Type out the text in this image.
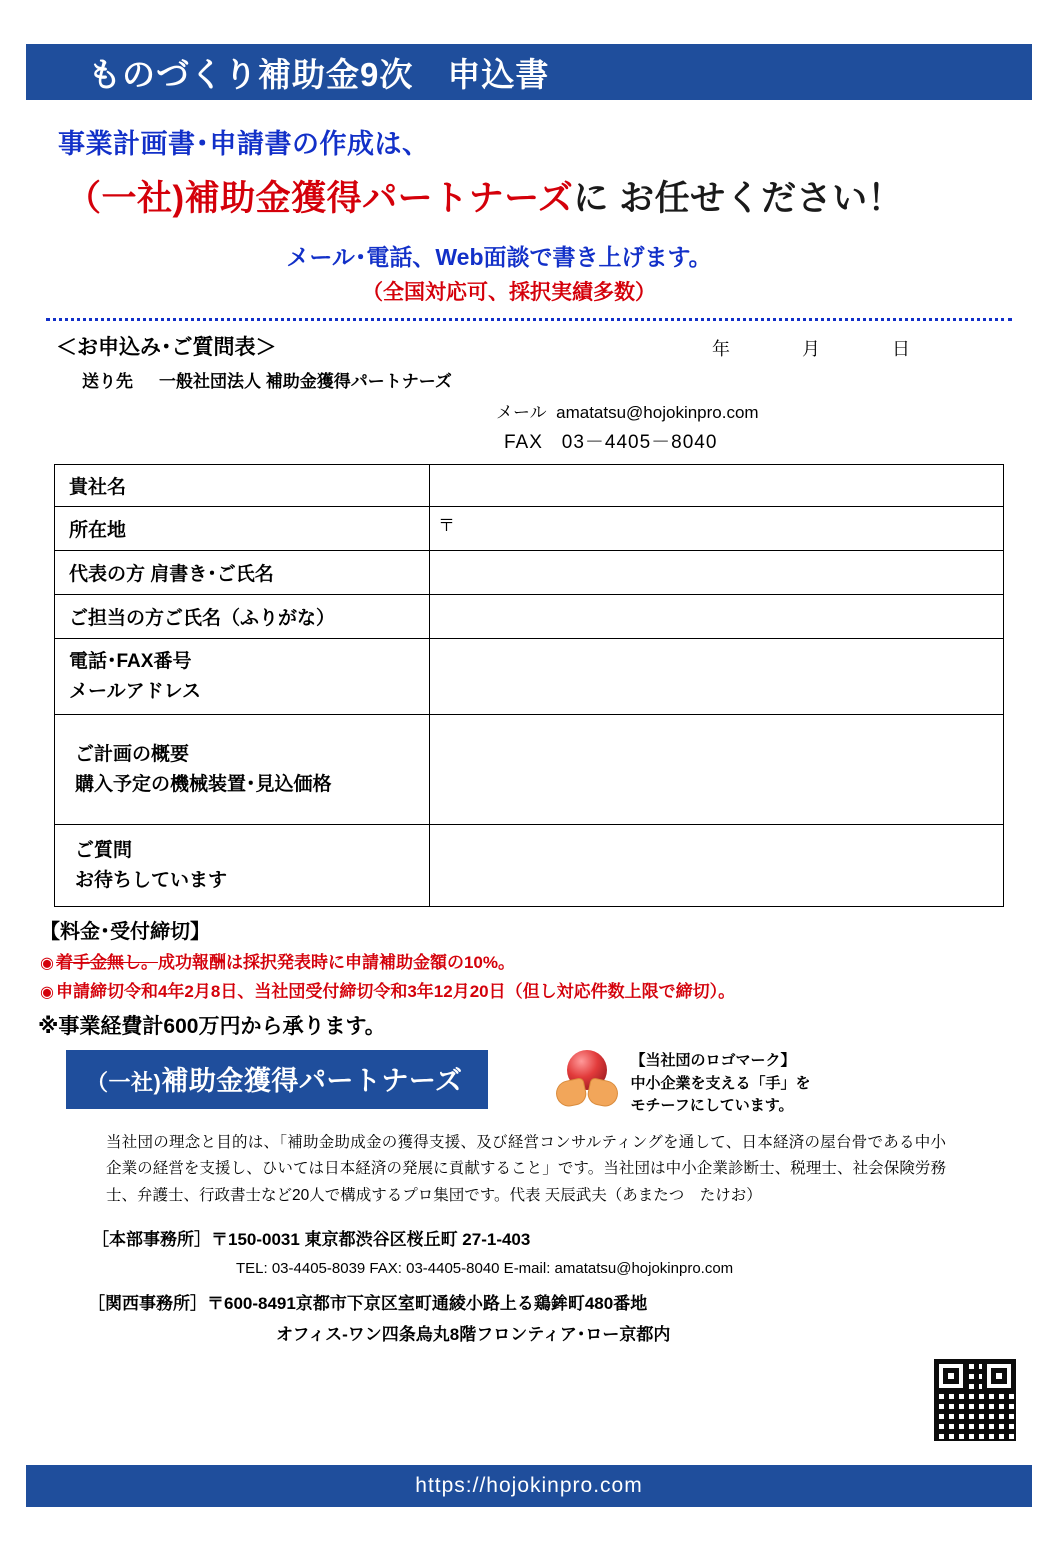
ものづくり補助金9次　申込書
事業計画書･申請書の作成は、
（一社)補助金獲得パートナーズに お任せください！
メール･電話、Web面談で書き上げます。
（全国対応可、採択実績多数）
＜お申込み･ご質問表＞	年　　月　　日
送り先 一般社団法人 補助金獲得パートナーズ
メール amatatsu@hojokinpro.com
FAX 03－4405－8040
貴社名	
所在地	〒

代表の方 肩書き･ご氏名	
ご担当の方ご氏名（ふりがな）	

電話･FAX番号
メールアドレス	

ご計画の概要
購入予定の機械装置･見込価格	

ご質問
お待ちしています	

【料金･受付締切】
◉ 着手金無し。 成功報酬は採択発表時に申請補助金額の10%。
◉ 申請締切令和4年2月8日、当社団受付締切令和3年12月20日（但し対応件数上限で締切）。
※事業経費計600万円から承ります。
（一社)補助金獲得パートナーズ
【当社団のロゴマーク】
中小企業を支える「手」を
モチーフにしています。
当社団の理念と目的は、「補助金助成金の獲得支援、及び経営コンサルティングを通して、日本経済の屋台骨である中小企業の経営を支援し、ひいては日本経済の発展に貢献すること」です。当社団は中小企業診断士、税理士、社会保険労務士、弁護士、行政書士など20人で構成するプロ集団です。代表 天辰武夫（あまたつ　たけお）
［本部事務所］〒150-0031 東京都渋谷区桜丘町 27-1-403
TEL: 03-4405-8039 FAX: 03-4405-8040 E-mail: amatatsu@hojokinpro.com
［関西事務所］〒600-8491京都市下京区室町通綾小路上る鶏鉾町480番地
オフィス-ワン四条烏丸8階フロンティア･ロー京都内
https://hojokinpro.com
